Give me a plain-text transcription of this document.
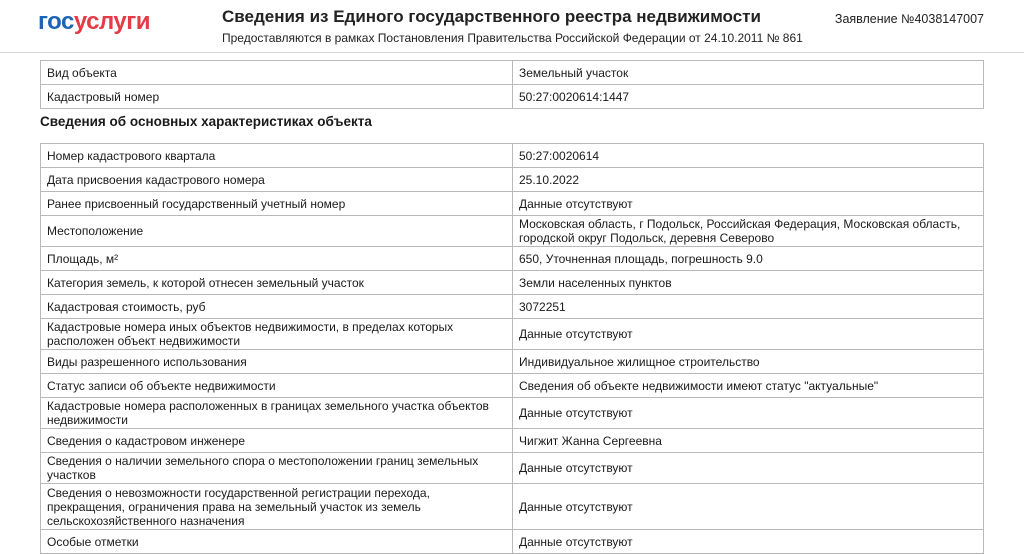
госуслуги	Сведения из Единого государственного реестра недвижимости
Предоставляются в рамках Постановления Правительства Российской Федерации от 24.10.2011 № 861
Заявление №4038147007
Вид объекта	Земельный участок
Кадастровый номер	50:27:0020614:1447
Сведения об основных характеристиках объекта
Номер кадастрового квартала	50:27:0020614
Дата присвоения кадастрового номера	25.10.2022
Ранее присвоенный государственный учетный номер	Данные отсутствуют
Местоположение	Московская область, г Подольск, Российская Федерация, Московская область, городской округ Подольск, деревня Северово
Площадь, м²	650, Уточненная площадь, погрешность 9.0
Категория земель, к которой отнесен земельный участок	Земли населенных пунктов
Кадастровая стоимость, руб	3072251
Кадастровые номера иных объектов недвижимости, в пределах которых расположен объект недвижимости	Данные отсутствуют
Виды разрешенного использования	Индивидуальное жилищное строительство
Статус записи об объекте недвижимости	Сведения об объекте недвижимости имеют статус "актуальные"
Кадастровые номера расположенных в границах земельного участка объектов недвижимости	Данные отсутствуют
Сведения о кадастровом инженере	Чигжит Жанна Сергеевна
Сведения о наличии земельного спора о местоположении границ земельных участков	Данные отсутствуют
Сведения о невозможности государственной регистрации перехода, прекращения, ограничения права на земельный участок из земель сельскохозяйственного назначения	Данные отсутствуют
Особые отметки	Данные отсутствуют
